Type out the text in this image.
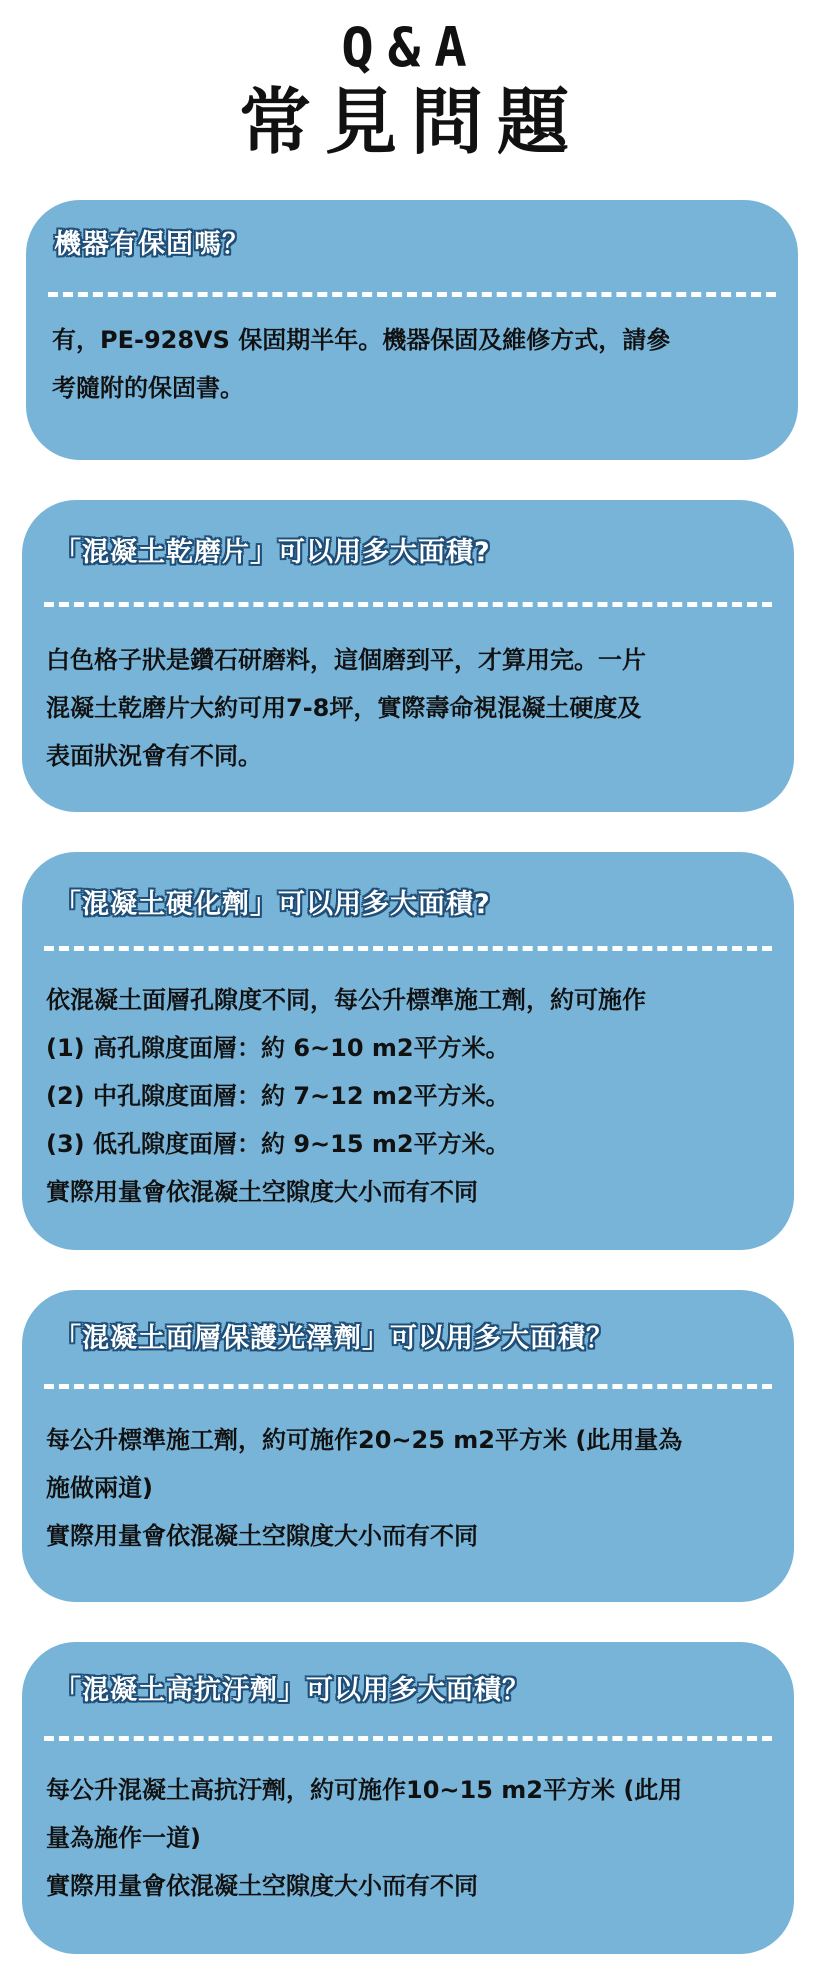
Q&A
常見問題
機器有保固嗎？
有，PE-928VS 保固期半年。機器保固及維修方式，請參
考隨附的保固書。
「混凝土乾磨片」可以用多大面積?
白色格子狀是鑽石研磨料，這個磨到平，才算用完。一片
混凝土乾磨片大約可用7-8坪，實際壽命視混凝土硬度及
表面狀況會有不同。
「混凝土硬化劑」可以用多大面積?
依混凝土面層孔隙度不同，每公升標準施工劑，約可施作
(1) 高孔隙度面層：約 6~10 m2平方米。
(2) 中孔隙度面層：約 7~12 m2平方米。
(3) 低孔隙度面層：約 9~15 m2平方米。
實際用量會依混凝土空隙度大小而有不同
「混凝土面層保護光澤劑」可以用多大面積？
每公升標準施工劑，約可施作20~25 m2平方米 (此用量為
施做兩道)
實際用量會依混凝土空隙度大小而有不同
「混凝土高抗汙劑」可以用多大面積？
每公升混凝土高抗汙劑，約可施作10~15 m2平方米 (此用
量為施作一道)
實際用量會依混凝土空隙度大小而有不同
